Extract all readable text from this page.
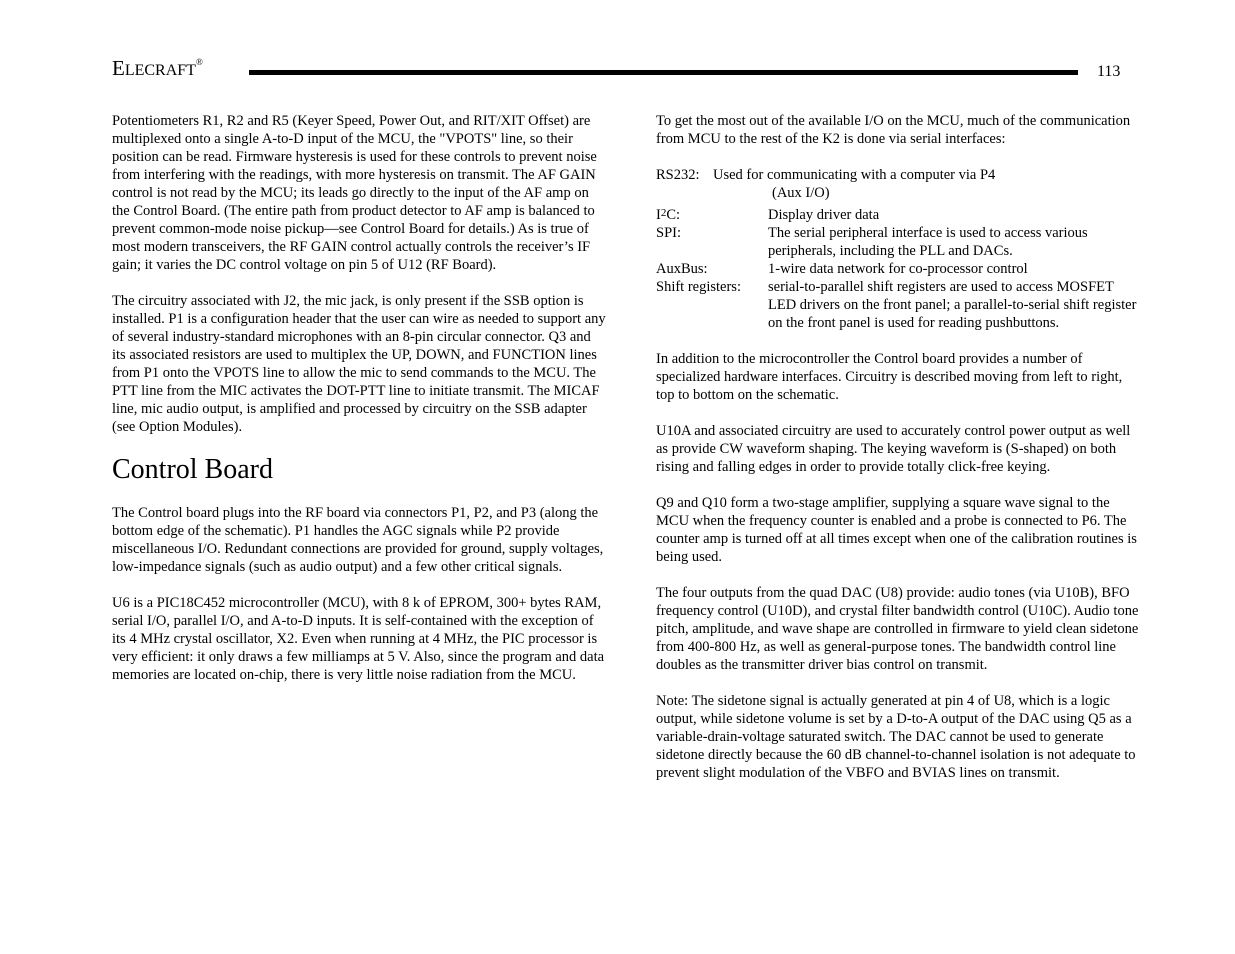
ELECRAFT®
113

Potentiometers R1, R2 and R5 (Keyer Speed, Power Out, and RIT/XIT Offset) are multiplexed onto a single A-to-D input of the MCU, the "VPOTS" line, so their position can be read. Firmware hysteresis is used for these controls to prevent noise from interfering with the readings, with more hysteresis on transmit. The AF GAIN control is not read by the MCU; its leads go directly to the input of the AF amp on the Control Board. (The entire path from product detector to AF amp is balanced to prevent common-mode noise pickup—see Control Board for details.) As is true of most modern transceivers, the RF GAIN control actually controls the receiver’s IF gain; it varies the DC control voltage on pin 5 of U12 (RF Board).

The circuitry associated with J2, the mic jack, is only present if the SSB option is installed. P1 is a configuration header that the user can wire as needed to support any of several industry-standard microphones with an 8-pin circular connector. Q3 and its associated resistors are used to multiplex the UP, DOWN, and FUNCTION lines from P1 onto the VPOTS line to allow the mic to send commands to the MCU. The PTT line from the MIC activates the DOT-PTT line to initiate transmit. The MICAF line, mic audio output, is amplified and processed by circuitry on the SSB adapter (see Option Modules).

Control Board

The Control board plugs into the RF board via connectors P1, P2, and P3 (along the bottom edge of the schematic). P1 handles the AGC signals while P2 provide miscellaneous I/O. Redundant connections are provided for ground, supply voltages, low-impedance signals (such as audio output) and a few other critical signals.

U6 is a PIC18C452 microcontroller (MCU), with 8 k of EPROM, 300+ bytes RAM, serial I/O, parallel I/O, and A-to-D inputs. It is self-contained with the exception of its 4 MHz crystal oscillator, X2. Even when running at 4 MHz, the PIC processor is very efficient: it only draws a few milliamps at 5 V. Also, since the program and data memories are located on-chip, there is very little noise radiation from the MCU.

To get the most out of the available I/O on the MCU, much of the communication from MCU to the rest of the K2 is done via serial interfaces:

RS232: Used for communicating with a computer via P4
(Aux I/O)
$I^2C$:	Display driver data
SPI:	The serial peripheral interface is used to access various peripherals, including the PLL and DACs.
AuxBus:	1-wire data network for co-processor control
Shift registers:	serial-to-parallel shift registers are used to access MOSFET LED drivers on the front panel; a parallel-to-serial shift register on the front panel is used for reading pushbuttons.

In addition to the microcontroller the Control board provides a number of specialized hardware interfaces. Circuitry is described moving from left to right, top to bottom on the schematic.

U10A and associated circuitry are used to accurately control power output as well as provide CW waveform shaping. The keying waveform is (S-shaped) on both rising and falling edges in order to provide totally click-free keying.

Q9 and Q10 form a two-stage amplifier, supplying a square wave signal to the MCU when the frequency counter is enabled and a probe is connected to P6. The counter amp is turned off at all times except when one of the calibration routines is being used.

The four outputs from the quad DAC (U8) provide: audio tones (via U10B), BFO frequency control (U10D), and crystal filter bandwidth control (U10C). Audio tone pitch, amplitude, and wave shape are controlled in firmware to yield clean sidetone from 400-800 Hz, as well as general-purpose tones. The bandwidth control line doubles as the transmitter driver bias control on transmit.

Note: The sidetone signal is actually generated at pin 4 of U8, which is a logic output, while sidetone volume is set by a D-to-A output of the DAC using Q5 as a variable-drain-voltage saturated switch. The DAC cannot be used to generate sidetone directly because the 60 dB channel-to-channel isolation is not adequate to prevent slight modulation of the VBFO and BVIAS lines on transmit.
